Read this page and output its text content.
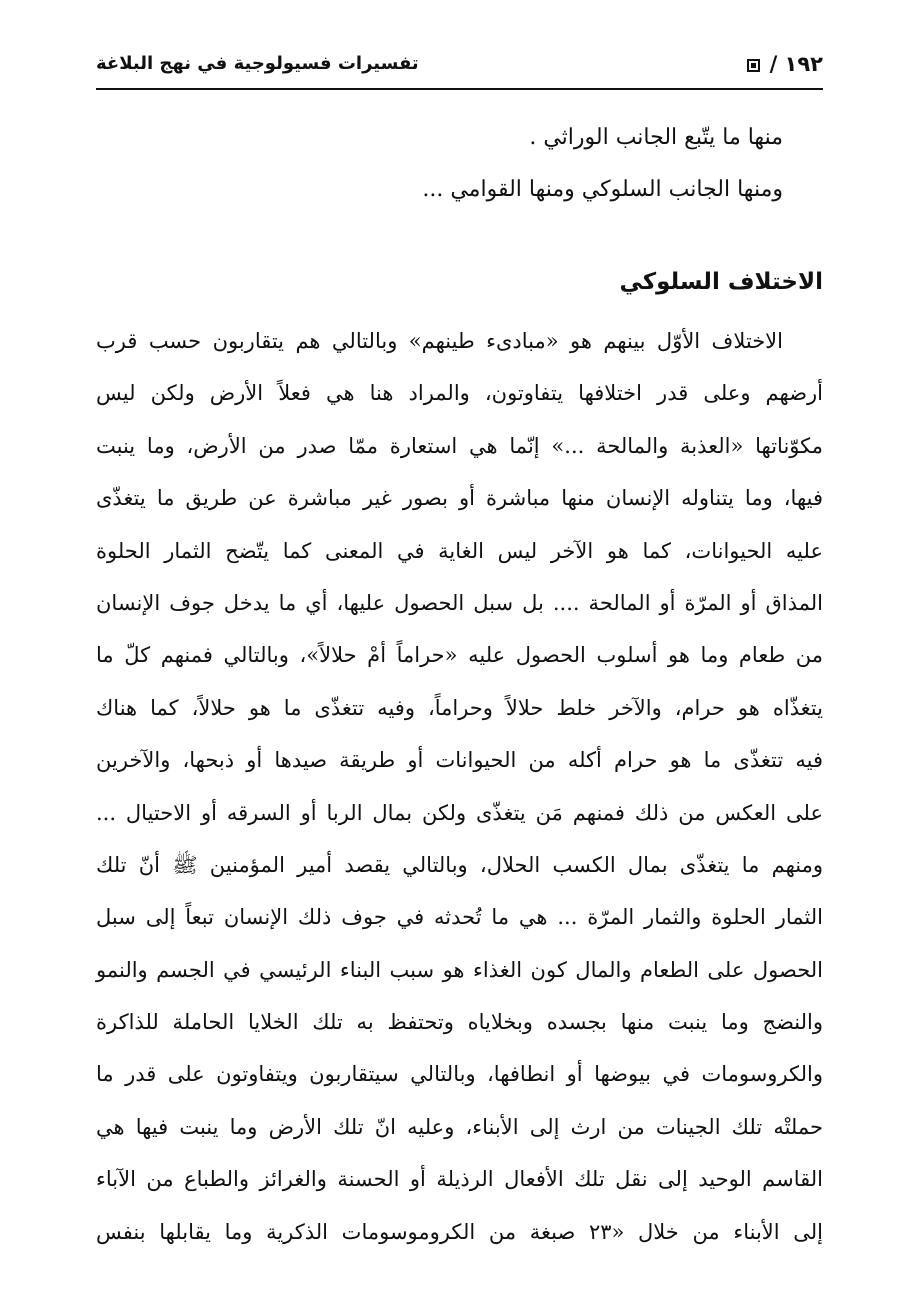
١٩٢ /
تفسيرات فسيولوجية في نهج البلاغة
منها ما يتّبع الجانب الوراثي .
ومنها الجانب السلوكي ومنها القوامي ...
الاختلاف السلوكي
الاختلاف الأوّل بينهم هو «مبادىء طينهم» وبالتالي هم يتقاربون حسب قرب
أرضهم وعلى قدر اختلافها يتفاوتون، والمراد هنا هي فعلاً الأرض ولكن ليس
مكوّناتها «العذبة والمالحة ...» إنّما هي استعارة ممّا صدر من الأرض، وما ينبت
فيها، وما يتناوله الإنسان منها مباشرة أو بصور غير مباشرة عن طريق ما يتغذّى
عليه الحيوانات، كما هو الآخر ليس الغاية في المعنى كما يتّضح الثمار الحلوة
المذاق أو المرّة أو المالحة .... بل سبل الحصول عليها، أي ما يدخل جوف الإنسان
من طعام وما هو أسلوب الحصول عليه «حراماً أمْ حلالاً»، وبالتالي فمنهم كلّ ما
يتغذّاه هو حرام، والآخر خلط حلالاً وحراماً، وفيه تتغذّى ما هو حلالاً، كما هناك
فيه تتغذّى ما هو حرام أكله من الحيوانات أو طريقة صيدها أو ذبحها، والآخرين
على العكس من ذلك فمنهم مَن يتغذّى ولكن بمال الربا أو السرقه أو الاحتيال ...
ومنهم ما يتغذّى بمال الكسب الحلال، وبالتالي يقصد أمير المؤمنين ﷺ أنّ تلك
الثمار الحلوة والثمار المرّة ... هي ما تُحدثه في جوف ذلك الإنسان تبعاً إلى سبل
الحصول على الطعام والمال كون الغذاء هو سبب البناء الرئيسي في الجسم والنمو
والنضج وما ينبت منها بجسده وبخلاياه وتحتفظ به تلك الخلايا الحاملة للذاكرة
والكروسومات في بيوضها أو انطافها، وبالتالي سيتقاربون ويتفاوتون على قدر ما
حملتْه تلك الجينات من ارث إلى الأبناء، وعليه انّ تلك الأرض وما ينبت فيها هي
القاسم الوحيد إلى نقل تلك الأفعال الرذيلة أو الحسنة والغرائز والطباع من الآباء
إلى الأبناء من خلال «٢٣ صبغة من الكروموسومات الذكرية وما يقابلها بنفس
